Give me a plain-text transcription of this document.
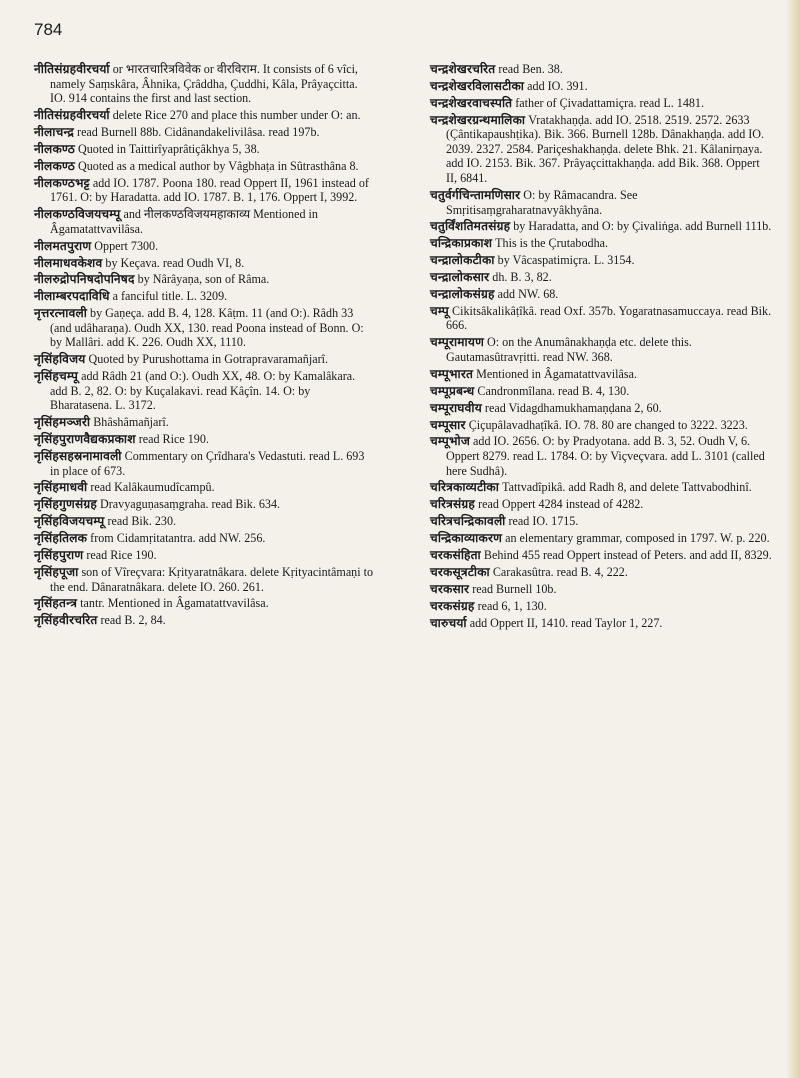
784

नीतिसंग्रहवीरचर्या or भारतचारित्रविवेक or वीरविराम. It consists of 6 vîci, namely Saṃskâra, Âhnika, Çrâddha, Çuddhi, Kâla, Prâyaçcitta. IO. 914 contains the first and last section.

नीतिसंग्रहवीरचर्या delete Rice 270 and place this number under O: an.

नीलाचन्द्र read Burnell 88b. Cidânandakelivilâsa. read 197b.

नीलकण्ठ Quoted in Taittirîyaprâtiçâkhya 5, 38.

नीलकण्ठ Quoted as a medical author by Vâgbhaṭa in Sûtrasthâna 8.

नीलकण्ठभट्ट add IO. 1787. Poona 180. read Oppert II, 1961 instead of 1761. O: by Haradatta. add IO. 1787. B. 1, 176. Oppert I, 3992.

नीलकण्ठविजयचम्पू and नीलकण्ठविजयमहाकाव्य Mentioned in Âgamatattvavilâsa.

नीलमतपुराण Oppert 7300.

नीलमाधवकेशव by Keçava. read Oudh VI, 8.

नीलरुद्रोपनिषदोपनिषद by Nârâyaṇa, son of Râma.

नीलाम्बरपदाविधि a fanciful title. L. 3209.

नृत्तरत्नावली by Gaṇeça. add B. 4, 128. Kâṭm. 11 (and O:). Râdh 33 (and udâharaṇa). Oudh XX, 130. read Poona instead of Bonn. O: by Mallâri. add K. 226. Oudh XX, 1110.

नृसिंहविजय Quoted by Purushottama in Gotrapravaramañjarî.

नृसिंहचम्पू add Râdh 21 (and O:). Oudh XX, 48. O: by Kamalâkara. add B. 2, 82. O: by Kuçalakavi. read Kâçîn. 14. O: by Bharatasena. L. 3172.

नृसिंहमञ्जरी Bhâshâmañjarî.

नृसिंहपुराणवैद्यकप्रकाश read Rice 190.

नृसिंहसहस्रनामावली Commentary on Çrîdhara's Vedastuti. read L. 693 in place of 673.

नृसिंहमाधवी read Kalâkaumudîcampû.

नृसिंहगुणसंग्रह Dravyaguṇasaṃgraha. read Bik. 634.

नृसिंहविजयचम्पू read Bik. 230.

नृसिंहतिलक from Cidamṛitatantra. add NW. 256.

नृसिंहपुराण read Rice 190.

नृसिंहपूजा son of Vîreçvara: Kṛityaratnâkara. delete Kṛityacintâmaṇi to the end. Dânaratnâkara. delete IO. 260. 261.

नृसिंहतन्त्र tantr. Mentioned in Âgamatattvavilâsa.

नृसिंहवीरचरित read B. 2, 84.

चन्द्रशेखरचरित read Ben. 38.

चन्द्रशेखरविलासटीका add IO. 391.

चन्द्रशेखरवाचस्पति father of Çivadattamiçra. read L. 1481.

चन्द्रशेखरग्रन्थमालिका Vratakhaṇḍa. add IO. 2518. 2519. 2572. 2633 (Çântikapaushṭika). Bik. 366. Burnell 128b. Dânakhaṇḍa. add IO. 2039. 2327. 2584. Pariçeshakhaṇḍa. delete Bhk. 21. Kâlanirṇaya. add IO. 2153. Bik. 367. Prâyaçcittakhaṇḍa. add Bik. 368. Oppert II, 6841.

चतुर्वर्गचिन्तामणिसार O: by Râmacandra. See Smṛitisaṃgraharatnavyâkhyâna.

चतुर्विंशतिमतसंग्रह by Haradatta, and O: by Çivaliṅga. add Burnell 111b.

चन्द्रिकाप्रकाश This is the Çrutabodha.

चन्द्रालोकटीका by Vâcaspatimiçra. L. 3154.

चन्द्रालोकसार dh. B. 3, 82.

चन्द्रालोकसंग्रह add NW. 68.

चम्पू Cikitsâkalikâṭîkâ. read Oxf. 357b. Yogaratnasamuccaya. read Bik. 666.

चम्पूरामायण O: on the Anumânakhaṇḍa etc. delete this. Gautamasûtravṛitti. read NW. 368.

चम्पूभारत Mentioned in Âgamatattvavilâsa.

चम्पूप्रबन्ध Candronmîlana. read B. 4, 130.

चम्पूराघवीय read Vidagdhamukhamaṇḍana 2, 60.

चम्पूसार Çiçupâlavadhaṭîkâ. IO. 78. 80 are changed to 3222. 3223.

चम्पूभोज add IO. 2656. O: by Pradyotana. add B. 3, 52. Oudh V, 6. Oppert 8279. read L. 1784. O: by Viçveçvara. add L. 3101 (called here Sudhâ).

चरित्रकाव्यटीका Tattvadîpikâ. add Radh 8, and delete Tattvabodhinî.

चरित्रसंग्रह read Oppert 4284 instead of 4282.

चरित्रचन्द्रिकावली read IO. 1715.

चन्द्रिकाव्याकरण an elementary grammar, composed in 1797. W. p. 220.

चरकसंहिता Behind 455 read Oppert instead of Peters. and add II, 8329.

चरकसूत्रटीका Carakasûtra. read B. 4, 222.

चरकसार read Burnell 10b.

चरकसंग्रह read 6, 1, 130.

चारुचर्या add Oppert II, 1410. read Taylor 1, 227.
